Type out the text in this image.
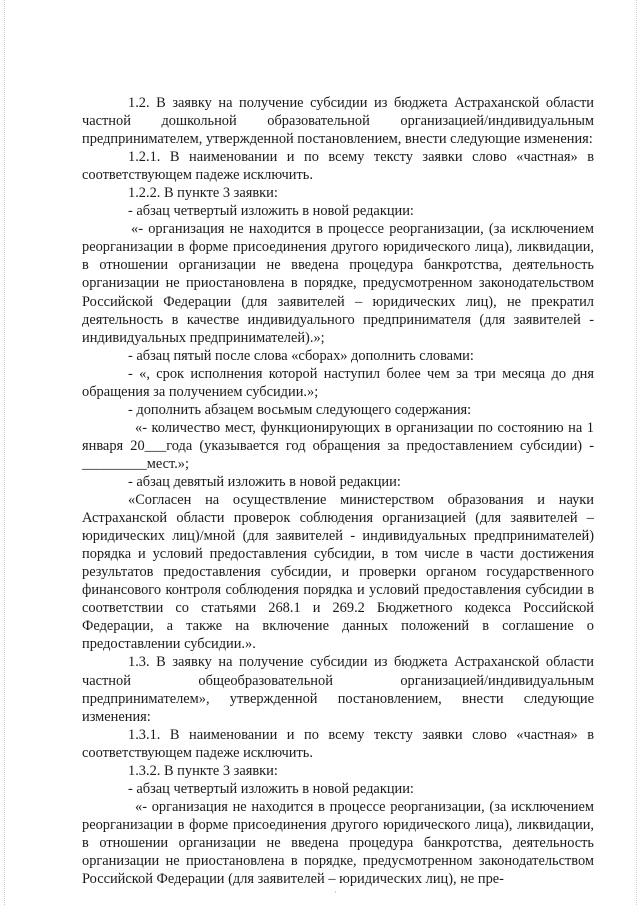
1.2. В заявку на получение субсидии из бюджета Астраханской области частной дошкольной образовательной организацией/индивидуальным предпринимателем, утвержденной постановлением, внести следующие изменения:

1.2.1. В наименовании и по всему тексту заявки слово «частная» в соответствующем падеже исключить.

1.2.2. В пункте 3 заявки:

- абзац четвертый изложить в новой редакции:

«- организация не находится в процессе реорганизации, (за исключением реорганизации в форме присоединения другого юридического лица), ликвидации, в отношении организации не введена процедура банкротства, деятельность организации не приостановлена в порядке, предусмотренном законодательством Российской Федерации (для заявителей – юридических лиц), не прекратил деятельность в качестве индивидуального предпринимателя (для заявителей - индивидуальных предпринимателей).»;

- абзац пятый после слова «сборах» дополнить словами:

- «, срок исполнения которой наступил более чем за три месяца до дня обращения за получением субсидии.»;

- дополнить абзацем восьмым следующего содержания:

«- количество мест, функционирующих в организации по состоянию на 1 января 20___года (указывается год обращения за предоставлением субсидии) - _________мест.»;

- абзац девятый изложить в новой редакции:

«Согласен на осуществление министерством образования и науки Астраханской области проверок соблюдения организацией (для заявителей – юридических лиц)/мной (для заявителей - индивидуальных предпринимателей) порядка и условий предоставления субсидии, в том числе в части достижения результатов предоставления субсидии, и проверки органом государственного финансового контроля соблюдения порядка и условий предоставления субсидии в соответствии со статьями 268.1 и 269.2 Бюджетного кодекса Российской Федерации, а также на включение данных положений в соглашение о предоставлении субсидии.».

1.3. В заявку на получение субсидии из бюджета Астраханской области частной общеобразовательной организацией/индивидуальным предпринимателем», утвержденной постановлением, внести следующие изменения:

1.3.1. В наименовании и по всему тексту заявки слово «частная» в соответствующем падеже исключить.

1.3.2. В пункте 3 заявки:

- абзац четвертый изложить в новой редакции:

«- организация не находится в процессе реорганизации, (за исключением реорганизации в форме присоединения другого юридического лица), ликвидации, в отношении организации не введена процедура банкротства, деятельность организации не приостановлена в порядке, предусмотренном законодательством Российской Федерации (для заявителей – юридических лиц), не пре-

·
